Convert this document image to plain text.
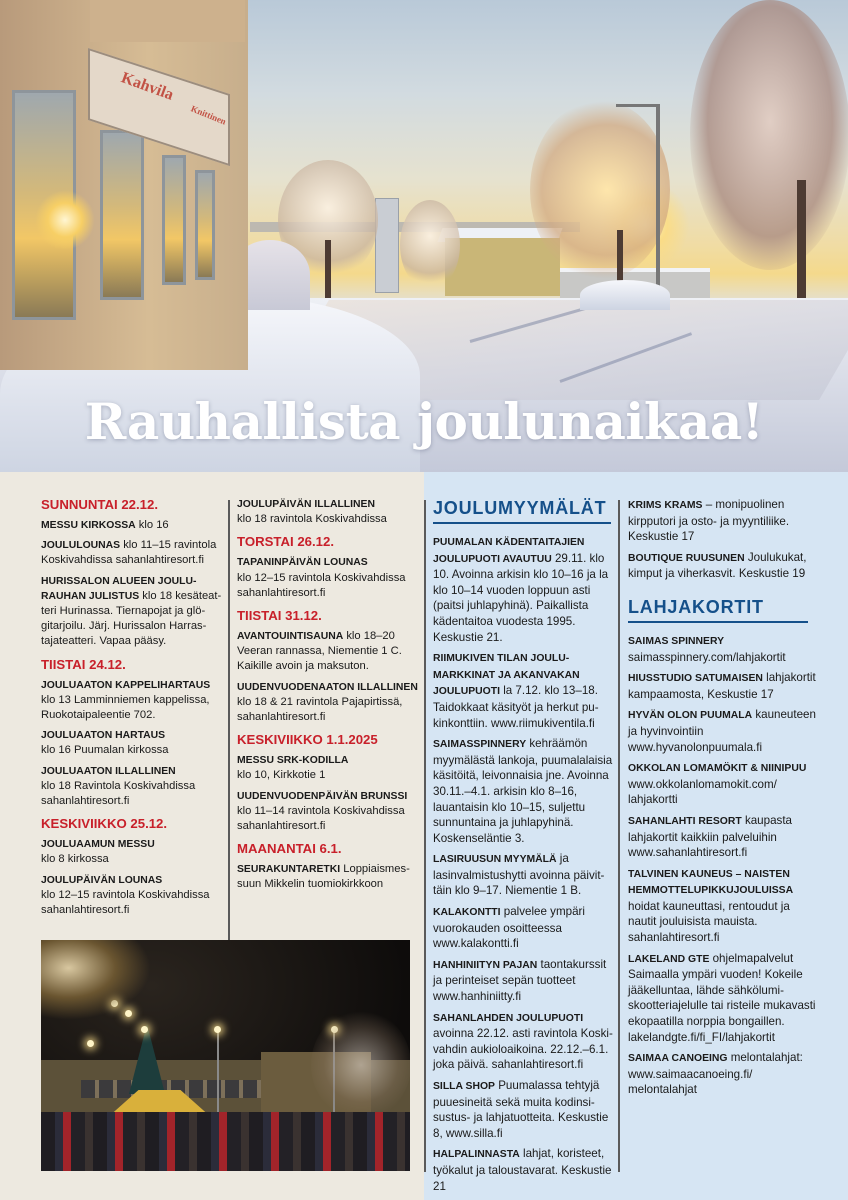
Kahvila
Knittinen
Rauhallista joulunaikaa!
SUNNUNTAI 22.12.

MESSU KIRKOSSA klo 16

JOULULOUNAS klo 11–15 ravintola Koskivahdissa sahanlahtiresort.fi

HURISSALON ALUEEN JOULURAUHAN JULISTUS klo 18 kesäteatteri Hurinassa. Tiernapojat ja glögitarjoilu. Järj. Hurissalon Harrastajateatteri. Vapaa pääsy.

TIISTAI 24.12.

JOULUAATON KAPPELIHARTAUS
klo 13 Lamminniemen kappelissa, Ruokotaipaleentie 702.

JOULUAATON HARTAUS
klo 16 Puumalan kirkossa

JOULUAATON ILLALLINEN
klo 18 Ravintola Koskivahdissa sahanlahtiresort.fi

KESKIVIIKKO 25.12.

JOULUAAMUN MESSU
klo 8 kirkossa

JOULUPÄIVÄN LOUNAS
klo 12–15 ravintola Koskivahdissa sahanlahtiresort.fi

JOULUPÄIVÄN ILLALLINEN
klo 18 ravintola Koskivahdissa

TORSTAI 26.12.

TAPANINPÄIVÄN LOUNAS
klo 12–15 ravintola Koskivahdissa sahanlahtiresort.fi

TIISTAI 31.12.

AVANTOUINTISAUNA klo 18–20 Veeran rannassa, Niementie 1 C. Kaikille avoin ja maksuton.

UUDENVUODENAATON ILLALLINEN
klo 18 & 21 ravintola Pajapirtissä, sahanlahtiresort.fi

KESKIVIIKKO 1.1.2025

MESSU SRK-KODILLA
klo 10, Kirkkotie 1

UUDENVUODENPÄIVÄN BRUNSSI
klo 11–14 ravintola Koskivahdissa sahanlahtiresort.fi

MAANANTAI 6.1.

SEURAKUNTARETKI Loppiaismessuun Mikkelin tuomiokirkkoon

JOULUMYYMÄLÄT

PUUMALAN KÄDENTAITAJIEN JOULUPUOTI AVAUTUU 29.11. klo 10. Avoinna arkisin klo 10–16 ja la klo 10–14 vuoden loppuun asti (paitsi juhlapyhinä). Paikallista kädentaitoa vuodesta 1995. Keskustie 21.

RIIMUKIVEN TILAN JOULUMARKKINAT JA AKANVAKAN JOULUPUOTI la 7.12. klo 13–18. Taidokkaat käsityöt ja herkut pukinkonttiin. www.riimukiventila.fi

SAIMASSPINNERY kehräämön myymälästä lankoja, puumalalaisia käsitöitä, leivonnaisia jne. Avoinna 30.11.–4.1. arkisin klo 8–16, lauantaisin klo 10–15, suljettu sunnuntaina ja juhlapyhinä. Koskenseläntie 3.

LASIRUUSUN MYYMÄLÄ ja lasinvalmistushytti avoinna päivittäin klo 9–17. Niementie 1 B.

KALAKONTTI palvelee ympäri vuorokauden osoitteessa www.kalakontti.fi

HANHINIITYN PAJAN taontakurssit ja perinteiset sepän tuotteet www.hanhiniitty.fi

SAHANLAHDEN JOULUPUOTI avoinna 22.12. asti ravintola Koskivahdin aukioloaikoina. 22.12.–6.1. joka päivä. sahanlahtiresort.fi

SILLA SHOP Puumalassa tehtyjä puuesineitä sekä muita kodinsisustus- ja lahjatuotteita. Keskustie 8, www.silla.fi

HALPALINNASTA lahjat, koristeet, työkalut ja taloustavarat. Keskustie 21

KRIMS KRAMS – monipuolinen kirpputori ja osto- ja myyntiliike. Keskustie 17

BOUTIQUE RUUSUNEN Joulukukat, kimput ja viherkasvit. Keskustie 19

LAHJAKORTIT

SAIMAS SPINNERY saimasspinnery.com/lahjakortit

HIUSSTUDIO SATUMAISEN lahjakortit kampaamosta, Keskustie 17

HYVÄN OLON PUUMALA kauneuteen ja hyvinvointiin www.hyvanolonpuumala.fi

OKKOLAN LOMAMÖKIT & NIINIPUU www.okkolanlomamokit.com/ lahjakortti

SAHANLAHTI RESORT kaupasta lahjakortit kaikkiin palveluihin www.sahanlahtiresort.fi

TALVINEN KAUNEUS – NAISTEN HEMMOTTELUPIKKUJOULUISSA hoidat kauneuttasi, rentoudut ja nautit jouluisista mauista. sahanlahtiresort.fi

LAKELAND GTE ohjelmapalvelut Saimaalla ympäri vuoden! Kokeile jääkelluntaa, lähde sähkölumiskootteriajelulle tai risteile mukavasti ekopaatilla norppia bongaillen. lakelandgte.fi/fi_FI/lahjakortit

SAIMAA CANOEING melontalahjat: www.saimaacanoeing.fi/ melontalahjat
